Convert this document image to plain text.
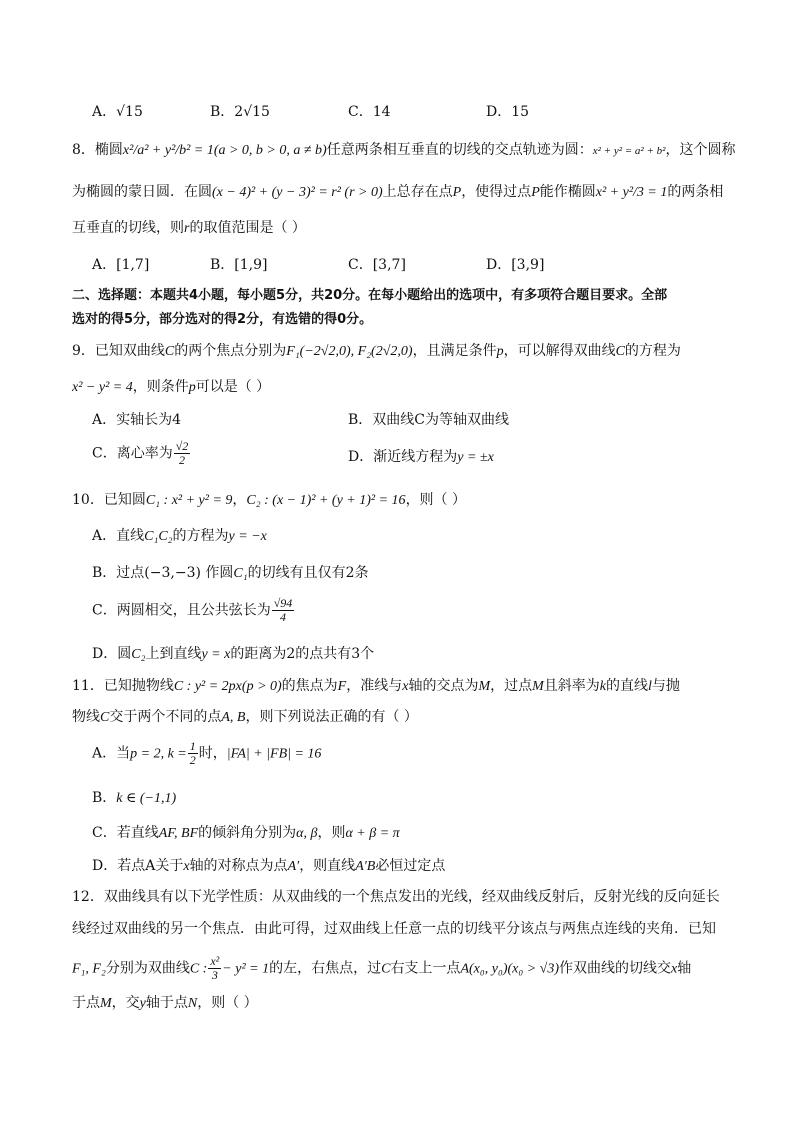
A．√15	B．2√15	C．14	D．15
8．椭圆x²/a² + y²/b² = 1(a > 0, b > 0, a ≠ b)任意两条相互垂直的切线的交点轨迹为圆：x² + y² = a² + b²，这个圆称
为椭圆的蒙日圆．在圆(x − 4)² + (y − 3)² = r² (r > 0)上总存在点P，使得过点P能作椭圆x² + y²/3 = 1的两条相
互垂直的切线，则r的取值范围是（ ）
A．[1,7]	B．[1,9]	C．[3,7]	D．[3,9]
二、选择题：本题共4小题，每小题5分，共20分。在每小题给出的选项中，有多项符合题目要求。全部
选对的得5分，部分选对的得2分，有选错的得0分。
9．已知双曲线C的两个焦点分别为F₁(−2√2,0), F₂(2√2,0)，且满足条件p，可以解得双曲线C的方程为
x² − y² = 4，则条件p可以是（ ）
A．实轴长为4	B．双曲线C为等轴双曲线
C．离心率为 $\frac{√2}{2}$	D．渐近线方程为y = ±x
10．已知圆C₁ : x² + y² = 9，C₂ : (x − 1)² + (y + 1)² = 16，则（ ）
A．直线C₁C₂的方程为y = −x
B．过点(−3,−3) 作圆C₁的切线有且仅有2条
C．两圆相交，且公共弦长为 $\frac{√94}{4}$
D．圆C₂上到直线y = x的距离为2的点共有3个
11．已知抛物线C : y² = 2px(p > 0)的焦点为F，准线与x轴的交点为M，过点M且斜率为k的直线l与抛
物线C交于两个不同的点A, B，则下列说法正确的有（ ）
A．当p = 2, $k = \frac{1}{2}$ 时，|FA| + |FB| = 16
B．k ∈ (−1,1)
C．若直线AF, BF的倾斜角分别为α, β，则α + β = π
D．若点A关于x轴的对称点为点A′，则直线A′B必恒过定点
12．双曲线具有以下光学性质：从双曲线的一个焦点发出的光线，经双曲线反射后，反射光线的反向延长
线经过双曲线的另一个焦点．由此可得，过双曲线上任意一点的切线平分该点与两焦点连线的夹角．已知
F₁, F₂分别为双曲线C : $\frac{\text{x²}}{3} - y^2 = 1$的左，右焦点，过C右支上一点A(x₀, y₀)(x₀ > √3)作双曲线的切线交x轴
于点M，交y轴于点N，则（ ）
